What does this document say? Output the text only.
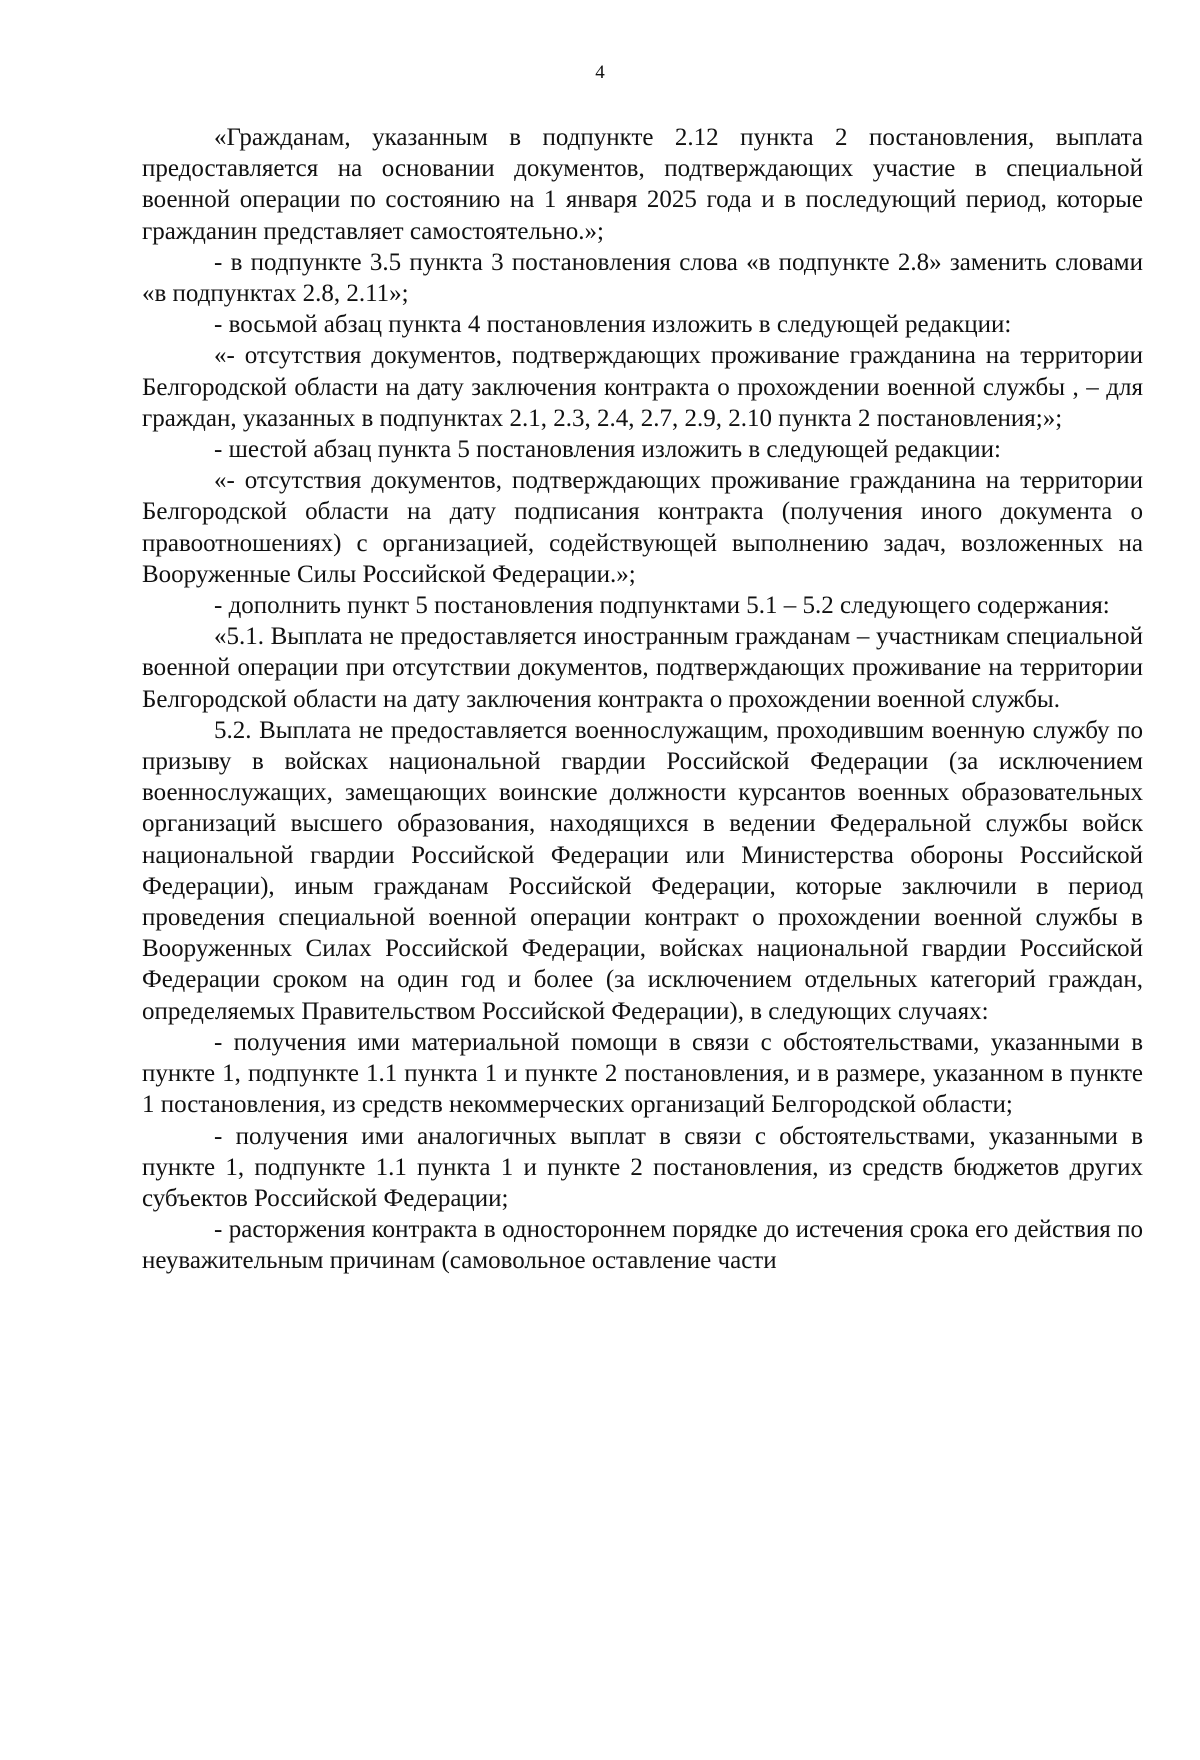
4

«Гражданам, указанным в подпункте 2.12 пункта 2 постановления, выплата предоставляется на основании документов, подтверждающих участие в специальной военной операции по состоянию на 1 января 2025 года и в последующий период, которые гражданин представляет самостоятельно.»;

- в подпункте 3.5 пункта 3 постановления слова «в подпункте 2.8» заменить словами «в подпунктах 2.8, 2.11»;

- восьмой абзац пункта 4 постановления изложить в следующей редакции:

«- отсутствия документов, подтверждающих проживание гражданина на территории Белгородской области на дату заключения контракта о прохождении военной службы , – для граждан, указанных в подпунктах 2.1, 2.3, 2.4, 2.7, 2.9, 2.10 пункта 2 постановления;»;

- шестой абзац пункта 5 постановления изложить в следующей редакции:

«- отсутствия документов, подтверждающих проживание гражданина на территории Белгородской области на дату подписания контракта (получения иного документа о правоотношениях) с организацией, содействующей выполнению задач, возложенных на Вооруженные Силы Российской Федерации.»;

- дополнить пункт 5 постановления подпунктами 5.1 – 5.2 следующего содержания:

«5.1. Выплата не предоставляется иностранным гражданам – участникам специальной военной операции при отсутствии документов, подтверждающих проживание на территории Белгородской области на дату заключения контракта о прохождении военной службы.

5.2. Выплата не предоставляется военнослужащим, проходившим военную службу по призыву в войсках национальной гвардии Российской Федерации (за исключением военнослужащих, замещающих воинские должности курсантов военных образовательных организаций высшего образования, находящихся в ведении Федеральной службы войск национальной гвардии Российской Федерации или Министерства обороны Российской Федерации), иным гражданам Российской Федерации, которые заключили в период проведения специальной военной операции контракт о прохождении военной службы в Вооруженных Силах Российской Федерации, войсках национальной гвардии Российской Федерации сроком на один год и более (за исключением отдельных категорий граждан, определяемых Правительством Российской Федерации), в следующих случаях:

- получения ими материальной помощи в связи с обстоятельствами, указанными в пункте 1, подпункте 1.1 пункта 1 и пункте 2 постановления, и в размере, указанном в пункте 1 постановления, из средств некоммерческих организаций Белгородской области;

- получения ими аналогичных выплат в связи с обстоятельствами, указанными в пункте 1, подпункте 1.1 пункта 1 и пункте 2 постановления, из средств бюджетов других субъектов Российской Федерации;

- расторжения контракта в одностороннем порядке до истечения срока его действия по неуважительным причинам (самовольное оставление части
